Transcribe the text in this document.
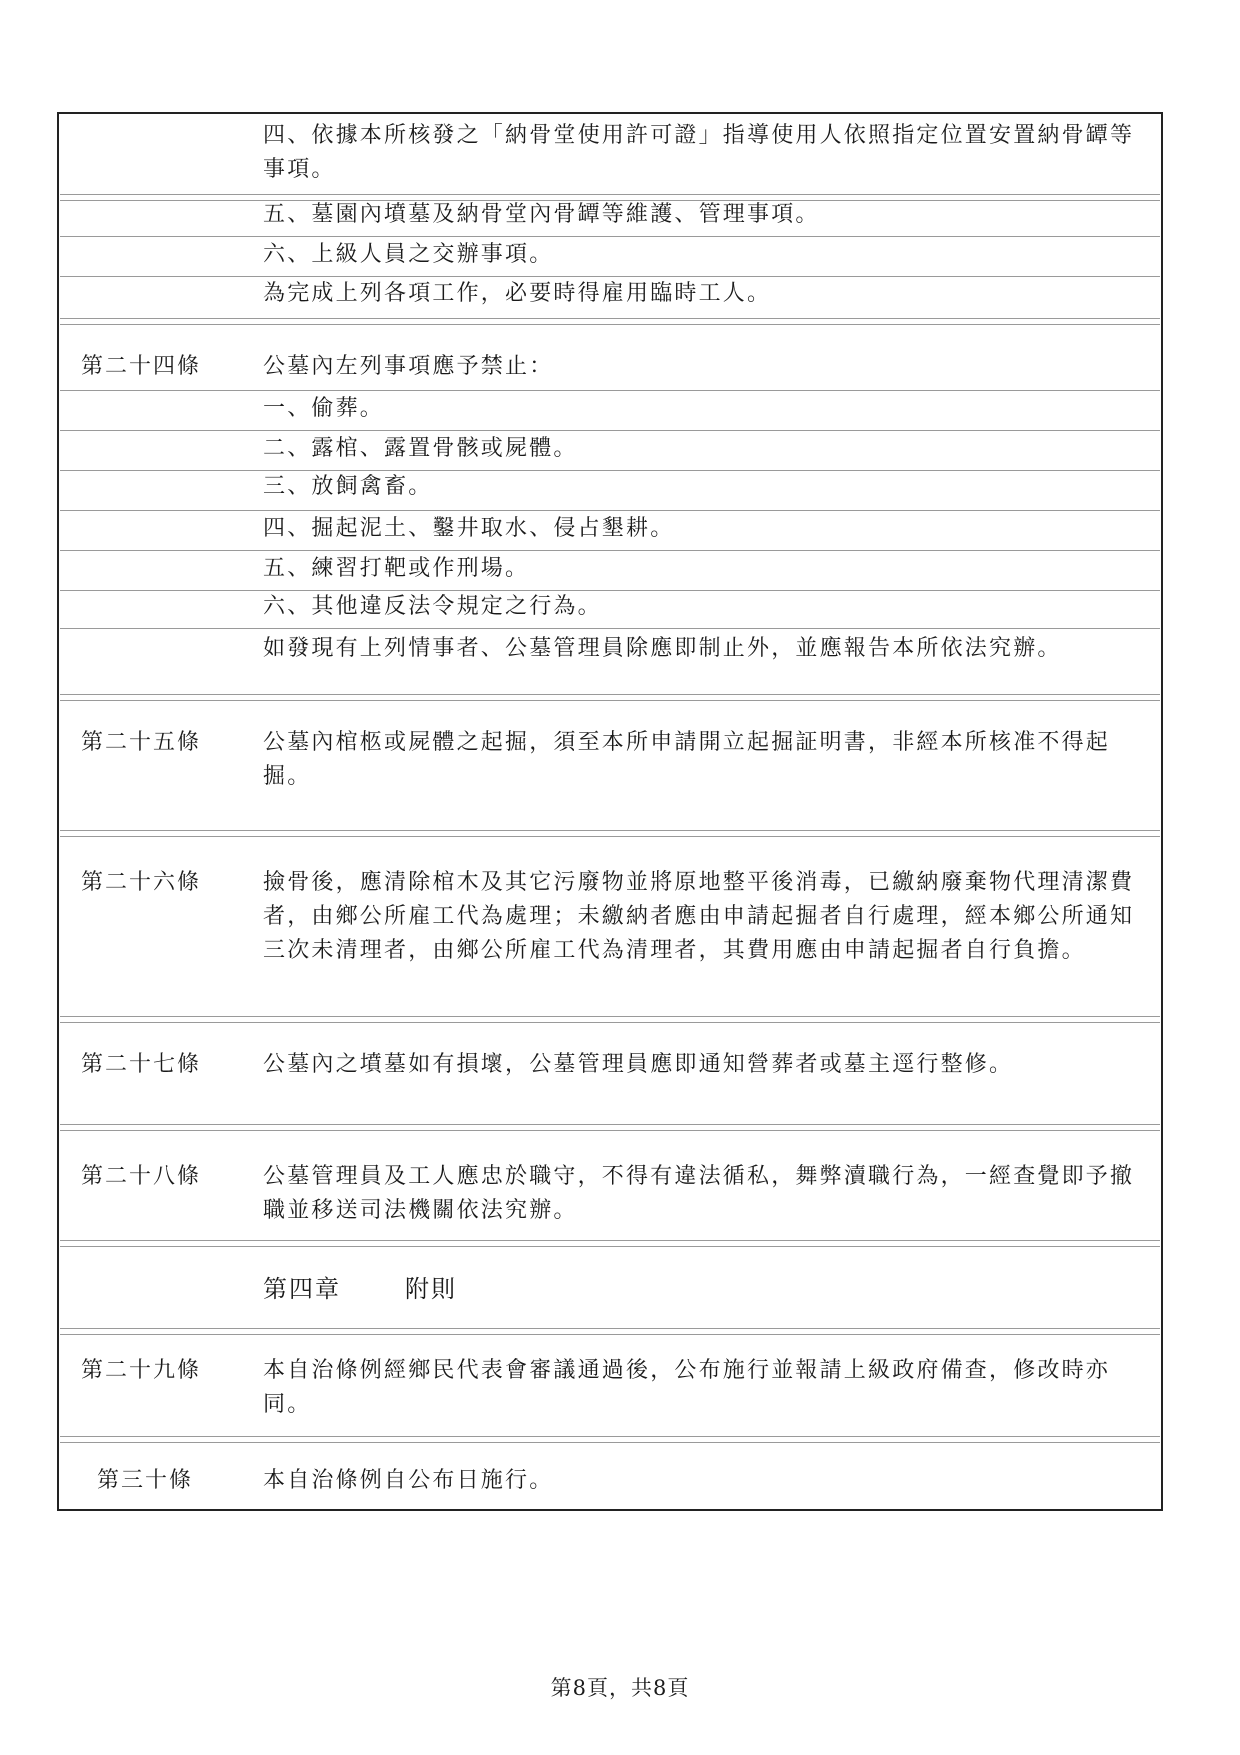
四、依據本所核發之「納骨堂使用許可證」指導使用人依照指定位置安置納骨罈等事項。
五、墓園內墳墓及納骨堂內骨罈等維護、管理事項。
六、上級人員之交辦事項。
為完成上列各項工作，必要時得雇用臨時工人。
第二十四條	公墓內左列事項應予禁止：
一、偷葬。
二、露棺、露置骨骸或屍體。
三、放飼禽畜。
四、掘起泥土、鑿井取水、侵占墾耕。
五、練習打靶或作刑場。
六、其他違反法令規定之行為。
如發現有上列情事者、公墓管理員除應即制止外，並應報告本所依法究辦。
第二十五條	公墓內棺柩或屍體之起掘，須至本所申請開立起掘証明書，非經本所核准不得起掘。
第二十六條	撿骨後，應清除棺木及其它污廢物並將原地整平後消毒，已繳納廢棄物代理清潔費者，由鄉公所雇工代為處理；未繳納者應由申請起掘者自行處理，經本鄉公所通知三次未清理者，由鄉公所雇工代為清理者，其費用應由申請起掘者自行負擔。
第二十七條	公墓內之墳墓如有損壞，公墓管理員應即通知營葬者或墓主逕行整修。
第二十八條	公墓管理員及工人應忠於職守，不得有違法循私，舞弊瀆職行為，一經查覺即予撤職並移送司法機關依法究辦。
第四章	附則
第二十九條	本自治條例經鄉民代表會審議通過後，公布施行並報請上級政府備查，修改時亦同。
第三十條	本自治條例自公布日施行。
第8頁，共8頁
